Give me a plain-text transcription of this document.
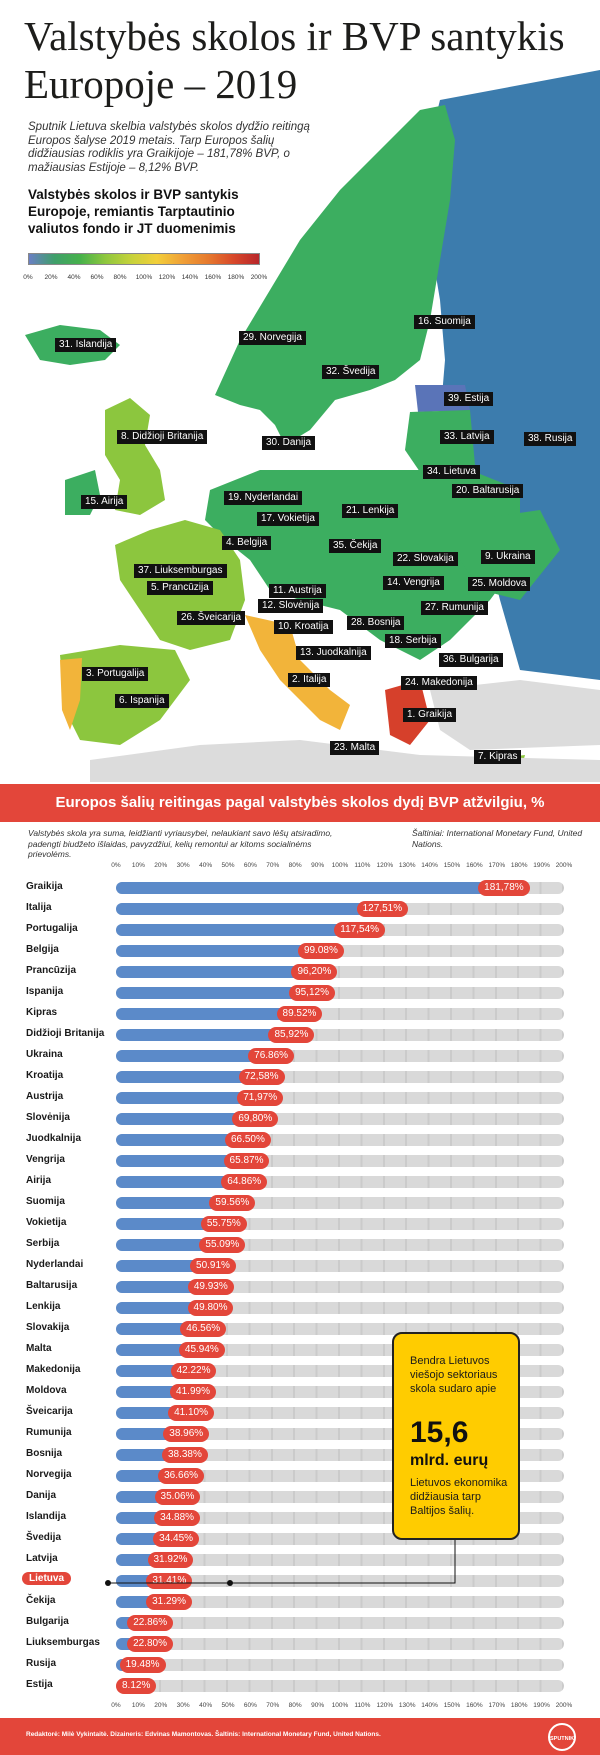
Valstybės skolos ir BVP santykis Europoje – 2019
Sputnik Lietuva skelbia valstybės skolos dydžio reitingą Europos šalyse 2019 metais. Tarp Europos šalių didžiausias rodiklis yra Graikijoje – 181,78% BVP, o mažiausias Estijoje – 8,12% BVP.
Valstybės skolos ir BVP santykis Europoje, remiantis Tarptautinio valiutos fondo ir JT duomenimis
0% 20% 40% 60% 80% 100% 120% 140% 160% 180% 200%
31. Islandija
29. Norvegija
16. Suomija
32. Švedija
39. Estija
33. Latvija	38. Rusija
8. Didžioji Britanija
30. Danija
34. Lietuva
20. Baltarusija
15. Airija	19. Nyderlandai
17. Vokietija
21. Lenkija
4. Belgija	35. Čekija
22. Slovakija	9. Ukraina
37. Liuksemburgas
5. Prancūzija	11. Austrija
14. Vengrija	25. Moldova
12. Slovėnija	27. Rumunija
26. Šveicarija
10. Kroatija	28. Bosnija
18. Serbija
13. Juodkalnija
36. Bulgarija
3. Portugalija
2. Italija	24. Makedonija
6. Ispanija
1. Graikija
23. Malta
7. Kipras
Europos šalių reitingas pagal valstybės skolos dydį BVP atžvilgiu, %
Valstybės skola yra suma, leidžianti vyriausybei, nelaukiant savo lėšų atsiradimo, padengti biudžeto išlaidas, pavyzdžiui, kelių remontui ar kitoms socialinėms prievolėms.
Šaltiniai: International Monetary Fund, United Nations.
0% 10% 20% 30% 40% 50% 60% 70% 80% 90% 100% 110% 120% 130% 140% 150% 160% 170% 180% 190% 200%
Graikija	181,78%
Italija	127,51%
Portugalija	117,54%
Belgija	99.08%
Prancūzija	96,20%
Ispanija	95,12%
Kipras	89.52%
Didžioji Britanija	85,92%
Ukraina	76.86%
Kroatija	72,58%
Austrija	71,97%
Slovėnija	69,80%
Juodkalnija	66.50%
Vengrija	65.87%
Airija	64.86%
Suomija	59.56%
Vokietija	55.75%
Serbija	55.09%
Nyderlandai	50.91%
Baltarusija	49.93%
Lenkija	49.80%
Slovakija	46.56%
Malta	45.94%
Makedonija	42.22%
Moldova	41.99%
Šveicarija	41.10%
Rumunija	38.96%
Bosnija	38.38%
Norvegija	36.66%
Danija	35.06%
Islandija	34.88%
Švedija	34.45%
Latvija	31.92%
Lietuva	31.41%
Čekija	31.29%
Bulgarija	22.86%
Liuksemburgas	22.80%
Rusija	19.48%
Estija	8.12%
0% 10% 20% 30% 40% 50% 60% 70% 80% 90% 100% 110% 120% 130% 140% 150% 160% 170% 180% 190% 200%
Bendra Lietuvos viešojo sektoriaus skola sudaro apie
15,6
mlrd. eurų
Lietuvos ekonomika didžiausia tarp Baltijos šalių.
Redaktorė: Milė Vykintaitė. Dizaineris: Edvinas Mamontovas. Šaltinis: International Monetary Fund, United Nations.
SPUTNIK
